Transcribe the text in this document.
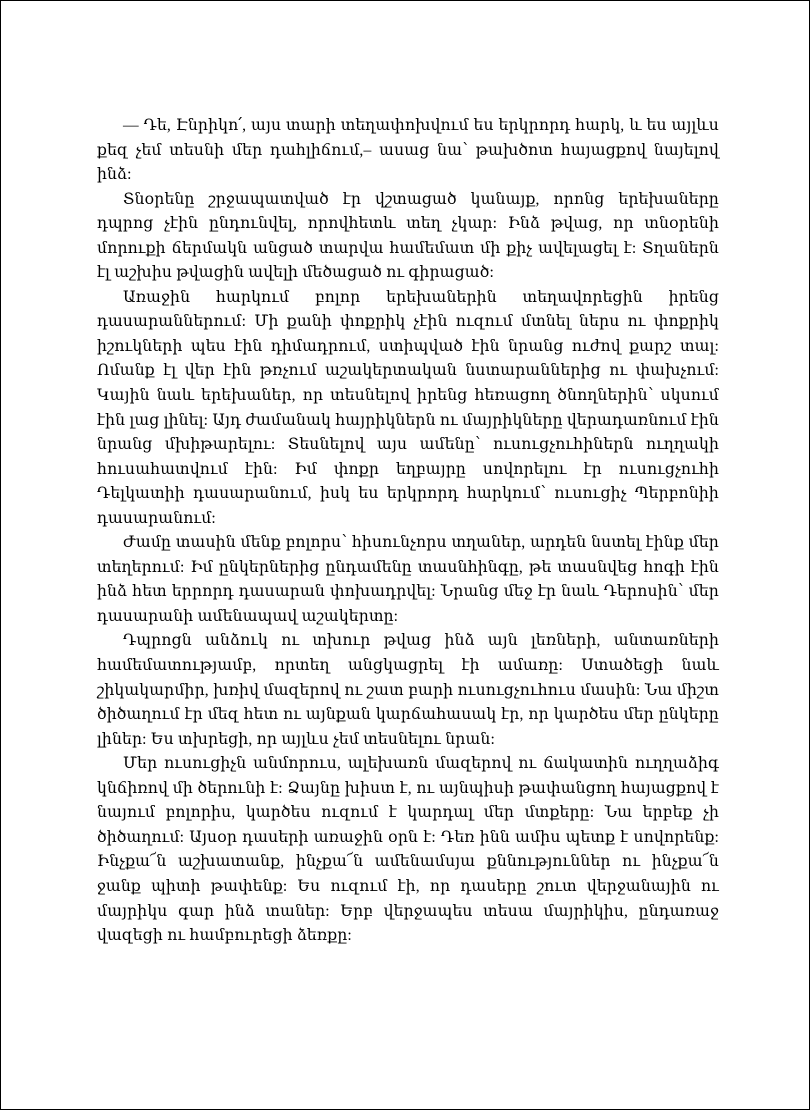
— Դե, Էնրիկո՛, այս տարի տեղափոխվում ես երկրորդ հարկ, և ես այլևս քեզ չեմ տեսնի մեր դահլիճում,– ասաց նա՝ թախծոտ հայացքով նայելով ինձ:

Տնօրենը շրջապատված էր վշտացած կանայք, որոնց երեխաները դպրոց չէին ընդունվել, որովհետև տեղ չկար: Ինձ թվաց, որ տնօրենի մորուքի ճերմակն անցած տարվա համեմատ մի քիչ ավելացել է: Տղաներն էլ աշխիս թվացին ավելի մեծացած ու գիրացած:

Առաջին հարկում բոլոր երեխաներին տեղավորեցին իրենց դասարաններում: Մի քանի փոքրիկ չէին ուզում մտնել ներս ու փոքրիկ իշուկների պես էին դիմադրում, ստիպված էին նրանց ուժով քարշ տալ: Ոմանք էլ վեր էին թռչում աշակերտական նստարաններից ու փախչում: Կային նաև երեխաներ, որ տեսնելով իրենց հեռացող ծնողներին՝ սկսում էին լաց լինել: Այդ ժամանակ հայրիկներն ու մայրիկները վերադառնում էին նրանց մխիթարելու: Տեսնելով այս ամենը՝ ուսուցչուհիներն ուղղակի հուսահատվում էին: Իմ փոքր եղբայրը սովորելու էր ուսուցչուհի Դելկատիի դասարանում, իսկ ես երկրորդ հարկում՝ ուսուցիչ Պերբոնիի դասարանում:

Ժամը տասին մենք բոլորս՝ հիսունչորս տղաներ, արդեն նստել էինք մեր տեղերում: Իմ ընկերներից ընդամենը տասնհինգը, թե տասնվեց հոգի էին ինձ հետ երրորդ դասարան փոխադրվել: Նրանց մեջ էր նաև Դերոսին՝ մեր դասարանի ամենապավ աշակերտը:

Դպրոցն անձուկ ու տխուր թվաց ինձ այն լեռների, անտառների համեմատությամբ, որտեղ անցկացրել էի ամառը: Ստածեցի նաև շիկակարմիր, խռիվ մազերով ու շատ բարի ուսուցչուհուս մասին: Նա միշտ ծիծաղում էր մեզ հետ ու այնքան կարճահասակ էր, որ կարծես մեր ընկերը լիներ: Ես տխրեցի, որ այլևս չեմ տեսնելու նրան:

Մեր ուսուցիչն անմորուս, ալեխառն մազերով ու ճակատին ուղղաձիգ կնճիռով մի ծերունի է: Ձայնը խիստ է, ու այնպիսի թափանցող հայացքով է նայում բոլորիս, կարծես ուզում է կարդալ մեր մտքերը: Նա երբեք չի ծիծաղում: Այսօր դասերի առաջին օրն է: Դեռ ինն ամիս պետք է սովորենք: Ինչքա՜ն աշխատանք, ինչքա՜ն ամենամսյա քննություններ ու ինչքա՜ն ջանք պիտի թափենք: Ես ուզում էի, որ դասերը շուտ վերջանային ու մայրիկս գար ինձ տաներ: Երբ վերջապես տեսա մայրիկիս, ընդառաջ վազեցի ու համբուրեցի ձեռքը:
